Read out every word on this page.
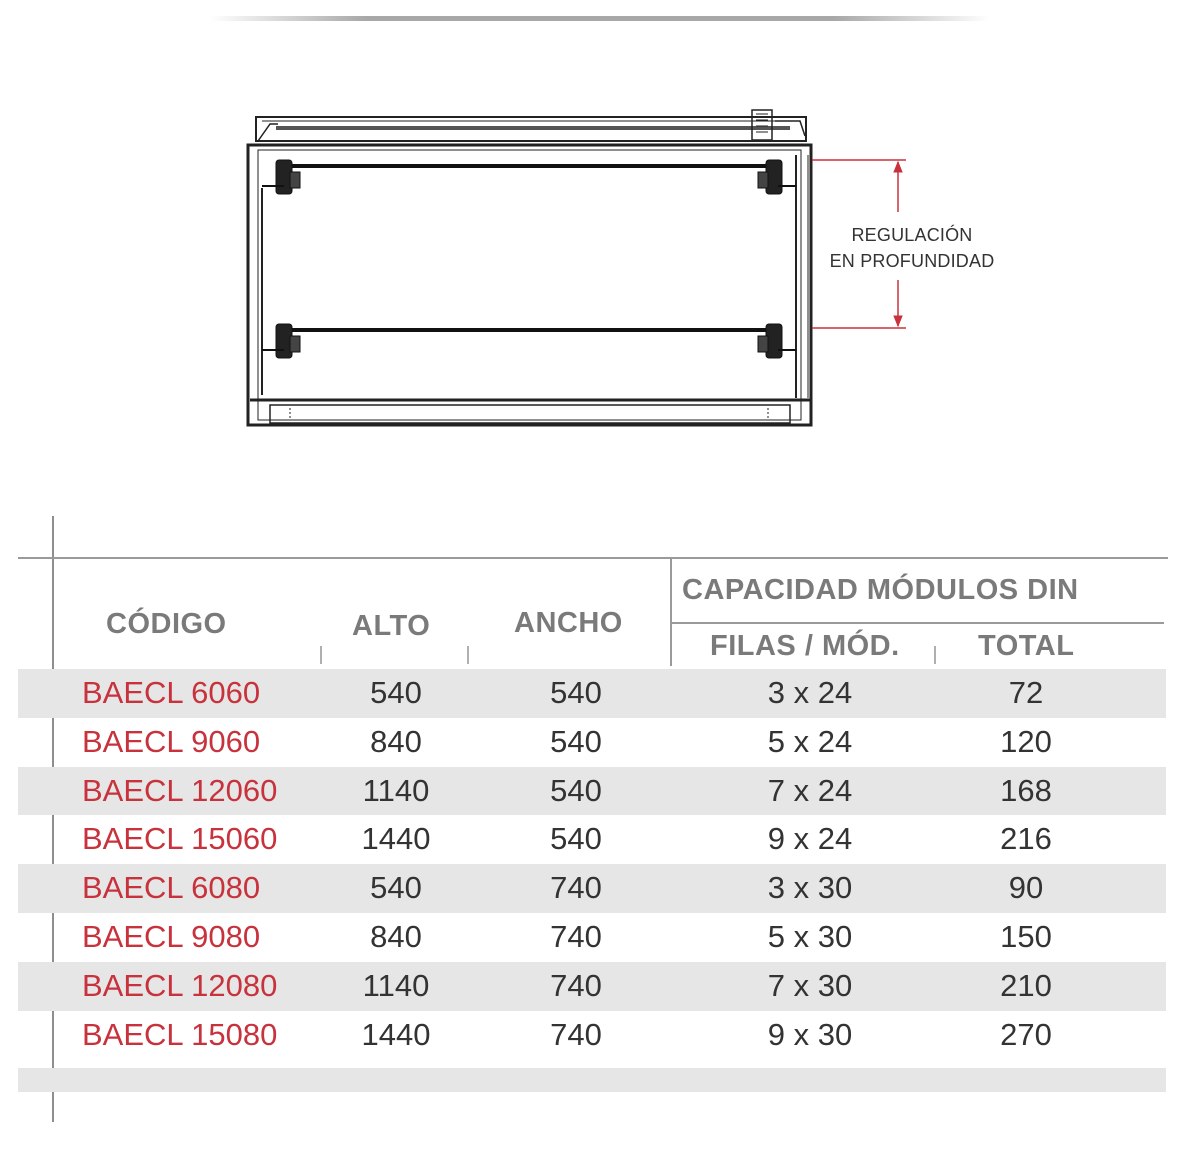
REGULACIÓN
EN PROFUNDIDAD
CÓDIGO	ALTO	ANCHO
CAPACIDAD MÓDULOS DIN
FILAS / MÓD.	TOTAL
BAECL 6060	540	540	3 x 24	72
BAECL 9060	840	540	5 x 24	120
BAECL 12060	1140	540	7 x 24	168
BAECL 15060	1440	540	9 x 24	216
BAECL 6080	540	740	3 x 30	90
BAECL 9080	840	740	5 x 30	150
BAECL 12080	1140	740	7 x 30	210
BAECL 15080	1440	740	9 x 30	270
